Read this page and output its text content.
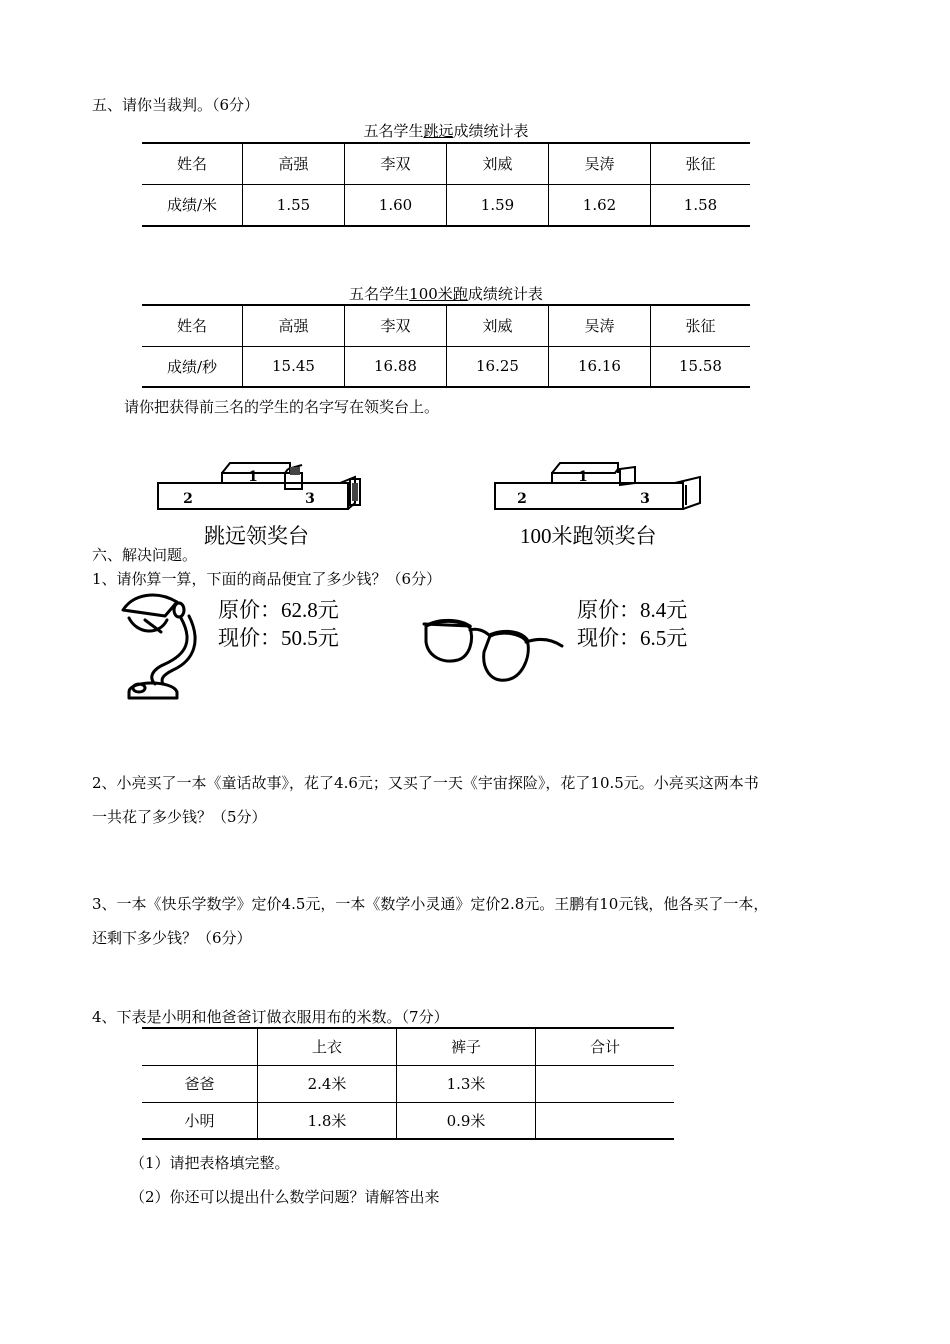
五、请你当裁判。（6分）
五名学生跳远成绩统计表
姓名	高强	李双	刘威	吴涛	张征
成绩/米	1.55	1.60	1.59	1.62	1.58
五名学生100米跑成绩统计表
姓名	高强	李双	刘威	吴涛	张征
成绩/秒	15.45	16.88	16.25	16.16	15.58
请你把获得前三名的学生的名字写在领奖台上。
1
2	3
跳远领奖台
1
2	3
100米跑领奖台
六、解决问题。
1、请你算一算，下面的商品便宜了多少钱？（6分）
原价：62.8元
现价：50.5元
原价：8.4元
现价：6.5元
2、小亮买了一本《童话故事》，花了4.6元；又买了一天《宇宙探险》，花了10.5元。小亮买这两本书
一共花了多少钱？（5分）
3、一本《快乐学数学》定价4.5元，一本《数学小灵通》定价2.8元。王鹏有10元钱，他各买了一本，
还剩下多少钱？（6分）
4、下表是小明和他爸爸订做衣服用布的米数。（7分）
	上衣	裤子	合计
爸爸	2.4米	1.3米	
小明	1.8米	0.9米	
（1）请把表格填完整。
（2）你还可以提出什么数学问题？请解答出来
